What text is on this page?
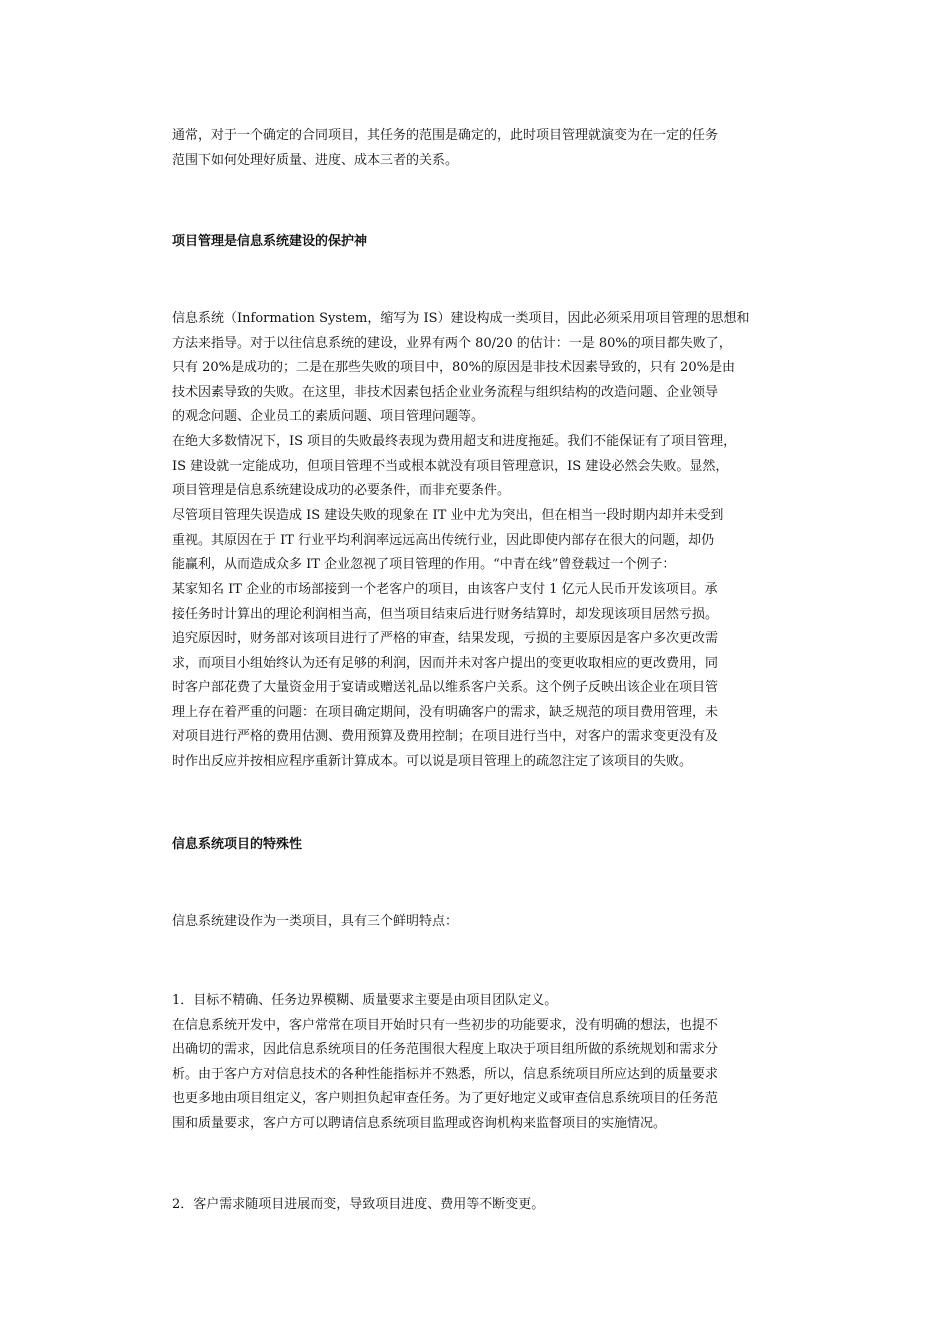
通常，对于一个确定的合同项目，其任务的范围是确定的，此时项目管理就演变为在一定的任务
范围下如何处理好质量、进度、成本三者的关系。
项目管理是信息系统建设的保护神
信息系统（Information System，缩写为 IS）建设构成一类项目，因此必须采用项目管理的思想和
方法来指导。对于以往信息系统的建设，业界有两个 80/20 的估计：一是 80%的项目都失败了，
只有 20%是成功的；二是在那些失败的项目中，80%的原因是非技术因素导致的，只有 20%是由
技术因素导致的失败。在这里，非技术因素包括企业业务流程与组织结构的改造问题、企业领导
的观念问题、企业员工的素质问题、项目管理问题等。
在绝大多数情况下，IS 项目的失败最终表现为费用超支和进度拖延。我们不能保证有了项目管理，
IS 建设就一定能成功，但项目管理不当或根本就没有项目管理意识，IS 建设必然会失败。显然，
项目管理是信息系统建设成功的必要条件，而非充要条件。
尽管项目管理失误造成 IS 建设失败的现象在 IT 业中尤为突出，但在相当一段时期内却并未受到
重视。其原因在于 IT 行业平均利润率远远高出传统行业，因此即使内部存在很大的问题，却仍
能赢利，从而造成众多 IT 企业忽视了项目管理的作用。“中青在线”曾登载过一个例子：
某家知名 IT 企业的市场部接到一个老客户的项目，由该客户支付 1 亿元人民币开发该项目。承
接任务时计算出的理论利润相当高，但当项目结束后进行财务结算时，却发现该项目居然亏损。
追究原因时，财务部对该项目进行了严格的审查，结果发现，亏损的主要原因是客户多次更改需
求，而项目小组始终认为还有足够的利润，因而并未对客户提出的变更收取相应的更改费用，同
时客户部花费了大量资金用于宴请或赠送礼品以维系客户关系。这个例子反映出该企业在项目管
理上存在着严重的问题：在项目确定期间，没有明确客户的需求，缺乏规范的项目费用管理，未
对项目进行严格的费用估测、费用预算及费用控制；在项目进行当中，对客户的需求变更没有及
时作出反应并按相应程序重新计算成本。可以说是项目管理上的疏忽注定了该项目的失败。
信息系统项目的特殊性
信息系统建设作为一类项目，具有三个鲜明特点：
1．目标不精确、任务边界模糊、质量要求主要是由项目团队定义。
在信息系统开发中，客户常常在项目开始时只有一些初步的功能要求，没有明确的想法，也提不
出确切的需求，因此信息系统项目的任务范围很大程度上取决于项目组所做的系统规划和需求分
析。由于客户方对信息技术的各种性能指标并不熟悉，所以，信息系统项目所应达到的质量要求
也更多地由项目组定义，客户则担负起审查任务。为了更好地定义或审查信息系统项目的任务范
围和质量要求，客户方可以聘请信息系统项目监理或咨询机构来监督项目的实施情况。
2．客户需求随项目进展而变，导致项目进度、费用等不断变更。
